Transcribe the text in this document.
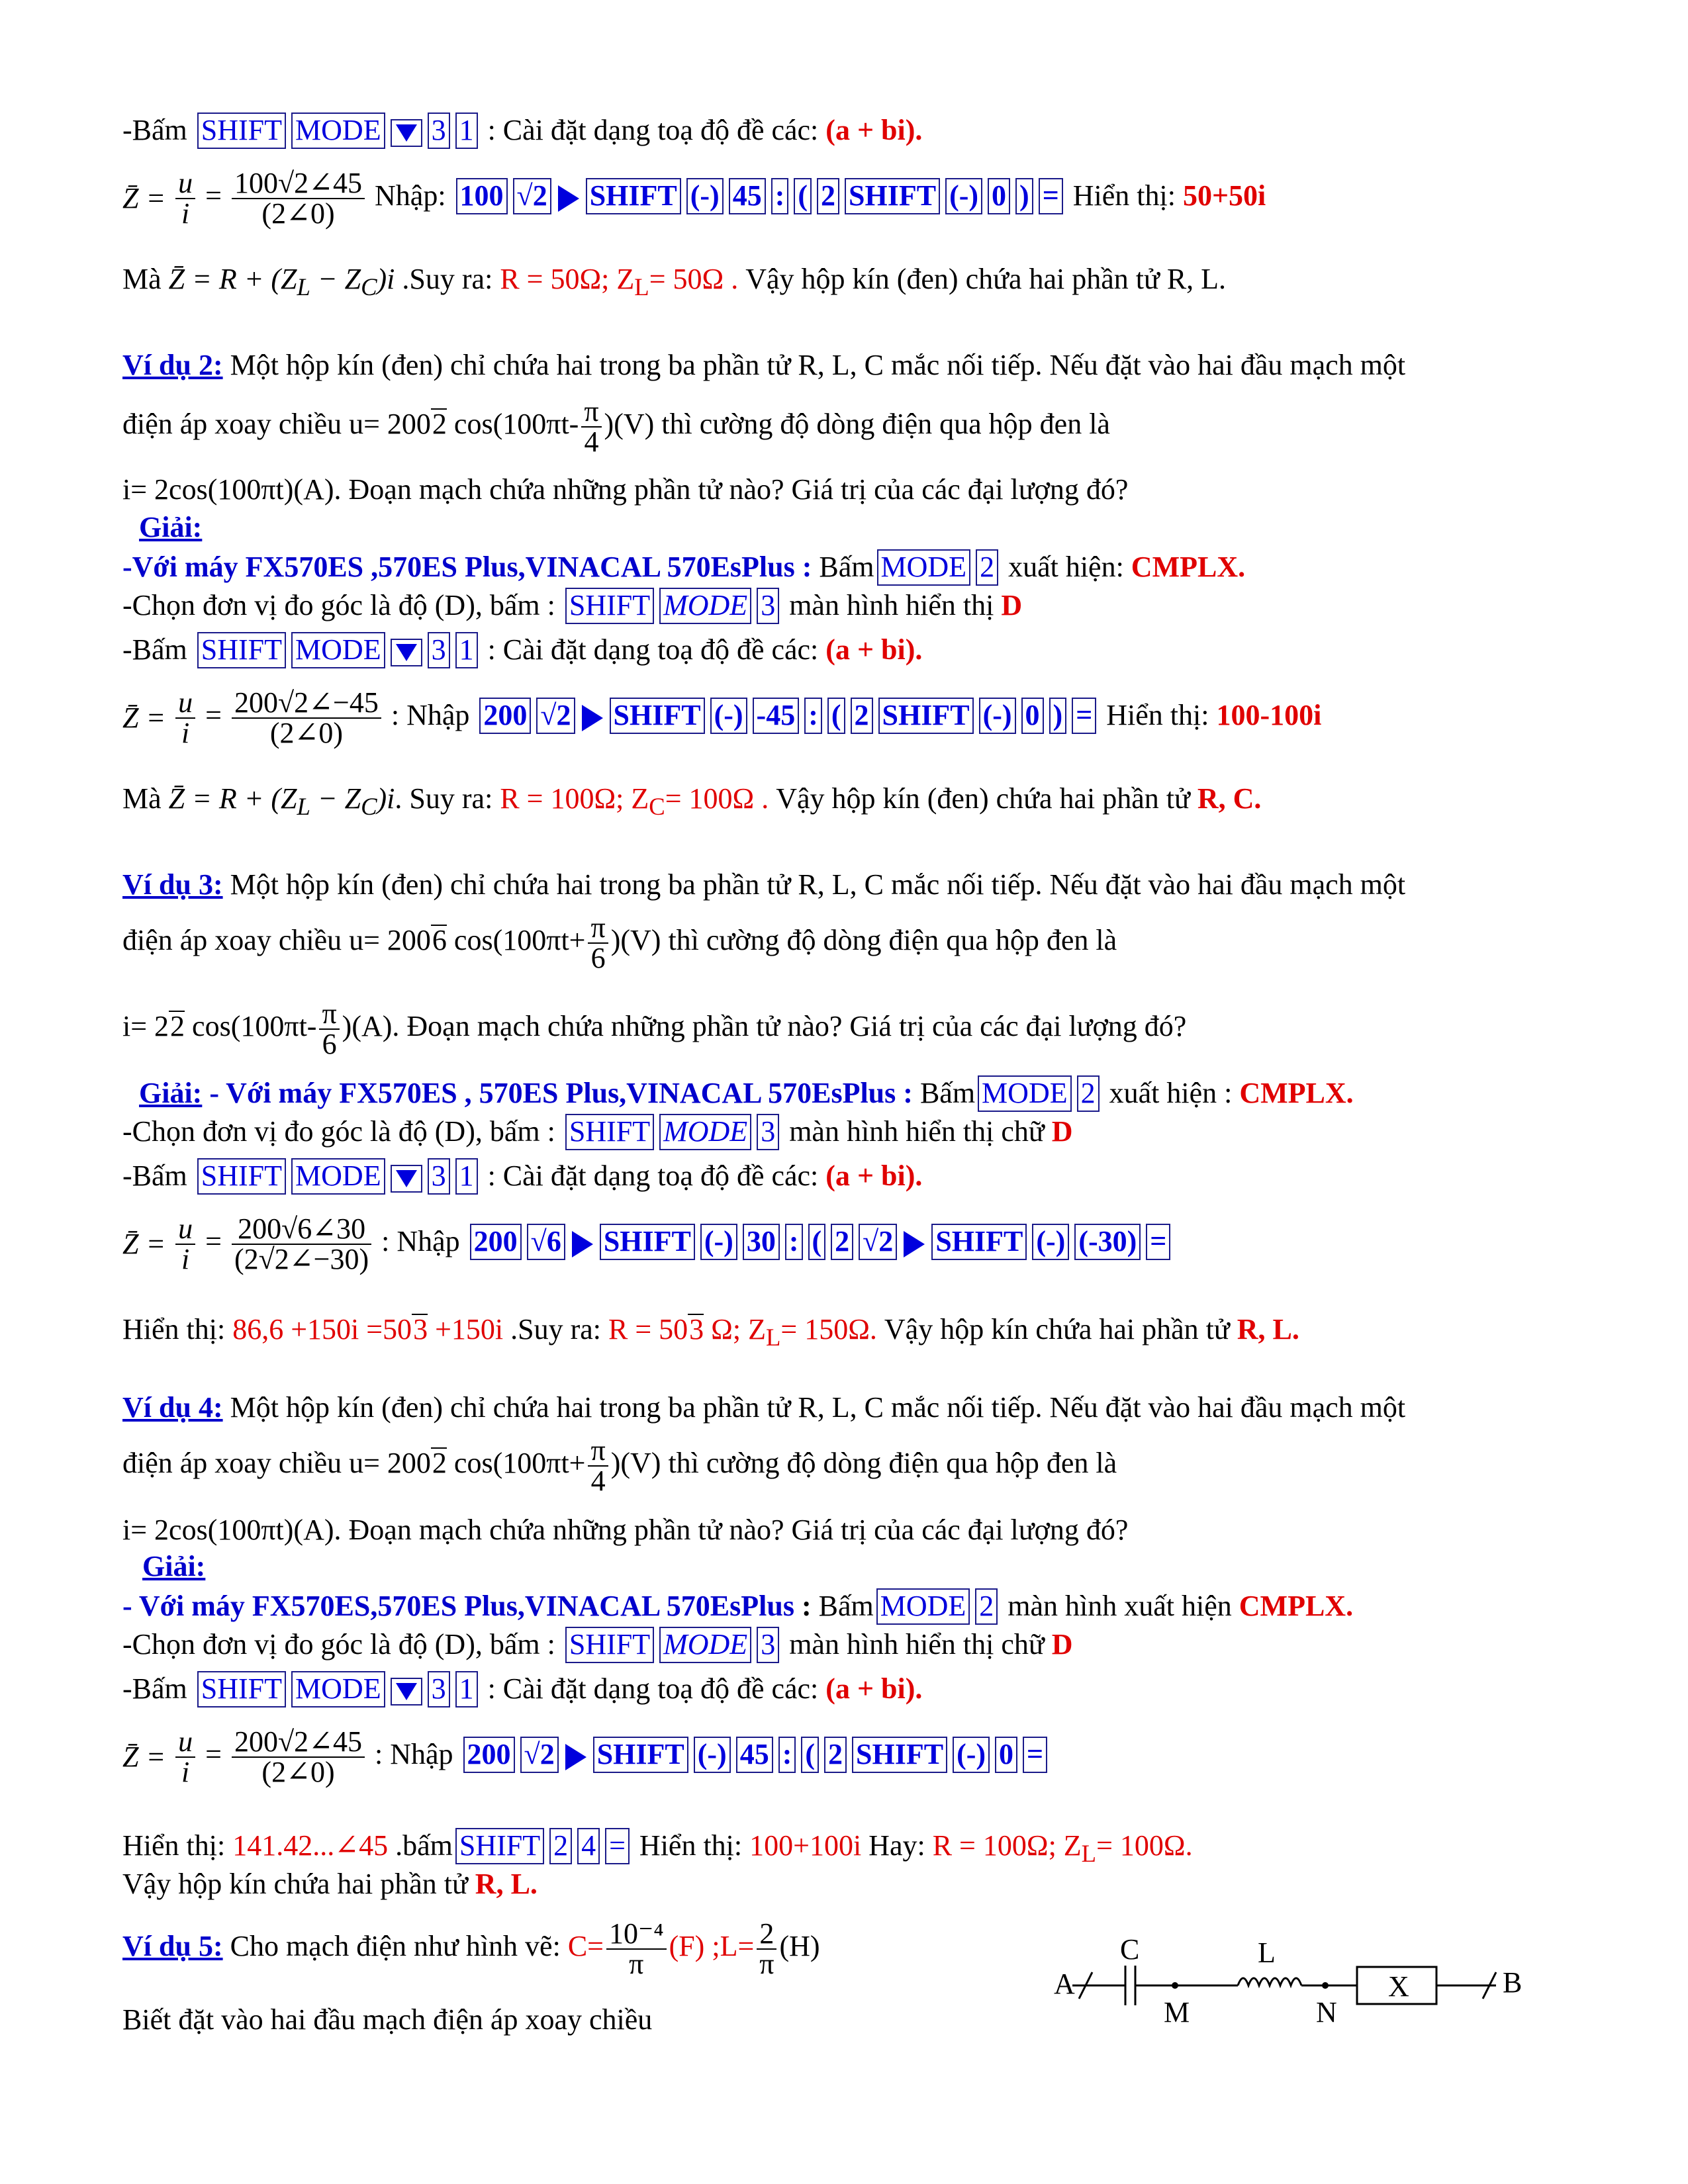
-Bấm SHIFT MODE 3 1 : Cài đặt dạng toạ độ đề các: (a + bi).
Z̄ = $\frac{u}{i} = \frac{100√2\angle 45}{(2\angle 0)}$ Nhập: 100 √2 SHIFT (-) 45 : ( 2 SHIFT (-) 0 ) = Hiển thị: 50+50i
Mà Z̄ = $R + (Z_L - Z_C)i$ .Suy ra: R = 50Ω; $Z_L= 50\Omega$ . Vậy hộp kín (đen) chứa hai phần tử R, L.
Ví dụ 2: Một hộp kín (đen) chỉ chứa hai trong ba phần tử R, L, C mắc nối tiếp. Nếu đặt vào hai đầu mạch một
điện áp xoay chiều u= 2002 $\cos(100\pi t- \frac{\pi}{4} )(V)$ thì cường độ dòng điện qua hộp đen là
i= 2cos(100πt)(A). Đoạn mạch chứa những phần tử nào? Giá trị của các đại lượng đó?
Giải:
-Với máy FX570ES ,570ES Plus,VINACAL 570EsPlus : Bấm MODE 2 xuất hiện: CMPLX.
-Chọn đơn vị đo góc là độ (D), bấm : SHIFT MODE 3 màn hình hiển thị D
-Bấm SHIFT MODE 3 1 : Cài đặt dạng toạ độ đề các: (a + bi).
Z̄ = $\frac{u}{i} = \frac{200√2\angle-45}{(2\angle 0)}$ : Nhập 200 √2 SHIFT (-) -45 : ( 2 SHIFT (-) 0 ) = Hiển thị: 100-100i
Mà Z̄ = $R + (Z_L - Z_C)i$. Suy ra: R = 100Ω; $Z_C= 100\Omega$ . Vậy hộp kín (đen) chứa hai phần tử R, C.
Ví dụ 3: Một hộp kín (đen) chỉ chứa hai trong ba phần tử R, L, C mắc nối tiếp. Nếu đặt vào hai đầu mạch một
điện áp xoay chiều u= 2006 $\cos(100\pi t+ \frac{\pi}{6} )(V)$ thì cường độ dòng điện qua hộp đen là
i= 22 $\cos(100\pi t- \frac{\pi}{6} )(A)$. Đoạn mạch chứa những phần tử nào? Giá trị của các đại lượng đó?
Giải: - Với máy FX570ES , 570ES Plus,VINACAL 570EsPlus : Bấm MODE 2 xuất hiện : CMPLX.
-Chọn đơn vị đo góc là độ (D), bấm : SHIFT MODE 3 màn hình hiển thị chữ D
-Bấm SHIFT MODE 3 1 : Cài đặt dạng toạ độ đề các: (a + bi).
Z̄ = $\frac{u}{i} = \frac{200√6\angle 30}{(2√2\angle-30)}$ : Nhập 200 √6 SHIFT (-) 30 : ( 2 √2 SHIFT (-) (-30) =
Hiển thị: 86,6 +150i =503 +150i .Suy ra: R = 503 Ω; $Z_L= 150\Omega$. Vậy hộp kín chứa hai phần tử R, L.
Ví dụ 4: Một hộp kín (đen) chỉ chứa hai trong ba phần tử R, L, C mắc nối tiếp. Nếu đặt vào hai đầu mạch một
điện áp xoay chiều u= 2002 $\cos(100\pi t+ \frac{\pi}{4} )(V)$ thì cường độ dòng điện qua hộp đen là
i= 2cos(100πt)(A). Đoạn mạch chứa những phần tử nào? Giá trị của các đại lượng đó?
Giải:
- Với máy FX570ES,570ES Plus,VINACAL 570EsPlus : Bấm MODE 2 màn hình xuất hiện CMPLX.
-Chọn đơn vị đo góc là độ (D), bấm : SHIFT MODE 3 màn hình hiển thị chữ D
-Bấm SHIFT MODE 3 1 : Cài đặt dạng toạ độ đề các: (a + bi).
Z̄ = $\frac{u}{i} = \frac{200√2\angle 45}{(2\angle 0)}$ : Nhập 200 √2 SHIFT (-) 45 : ( 2 SHIFT (-) 0 =
Hiển thị: 141.42...∠45 .bấm SHIFT 2 4 = Hiển thị: 100+100i Hay: R = 100Ω; $Z_L= 100\Omega$.
Vậy hộp kín chứa hai phần tử R, L.
Ví dụ 5: Cho mạch điện như hình vẽ: $C= \frac{\text{10⁻⁴}}{\pi} (F)$ ;L= $\frac{2}{\pi} (H)$
Biết đặt vào hai đầu mạch điện áp xoay chiều
A
C
M
L
N
X	B
